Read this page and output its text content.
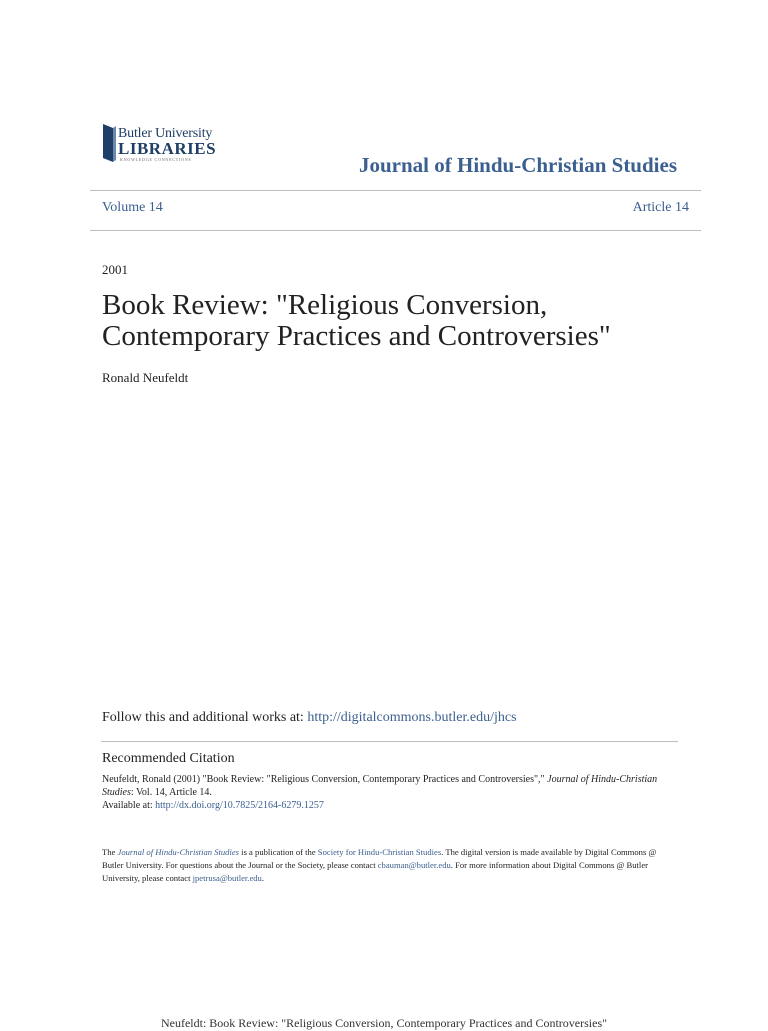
Butler University
LIBRARIES
KNOWLEDGE CONNECTIONS	Journal of Hindu-Christian Studies
Volume 14	Article 14
2001
Book Review: "Religious Conversion, Contemporary Practices and Controversies"
Ronald Neufeldt
Follow this and additional works at: http://digitalcommons.butler.edu/jhcs
Recommended Citation
Neufeldt, Ronald (2001) "Book Review: "Religious Conversion, Contemporary Practices and Controversies"," Journal of Hindu-Christian Studies: Vol. 14, Article 14.
Available at: http://dx.doi.org/10.7825/2164-6279.1257
The Journal of Hindu-Christian Studies is a publication of the Society for Hindu-Christian Studies. The digital version is made available by Digital Commons @ Butler University. For questions about the Journal or the Society, please contact cbauman@butler.edu. For more information about Digital Commons @ Butler University, please contact jpetrusa@butler.edu.
Neufeldt: Book Review: "Religious Conversion, Contemporary Practices and Controversies"
